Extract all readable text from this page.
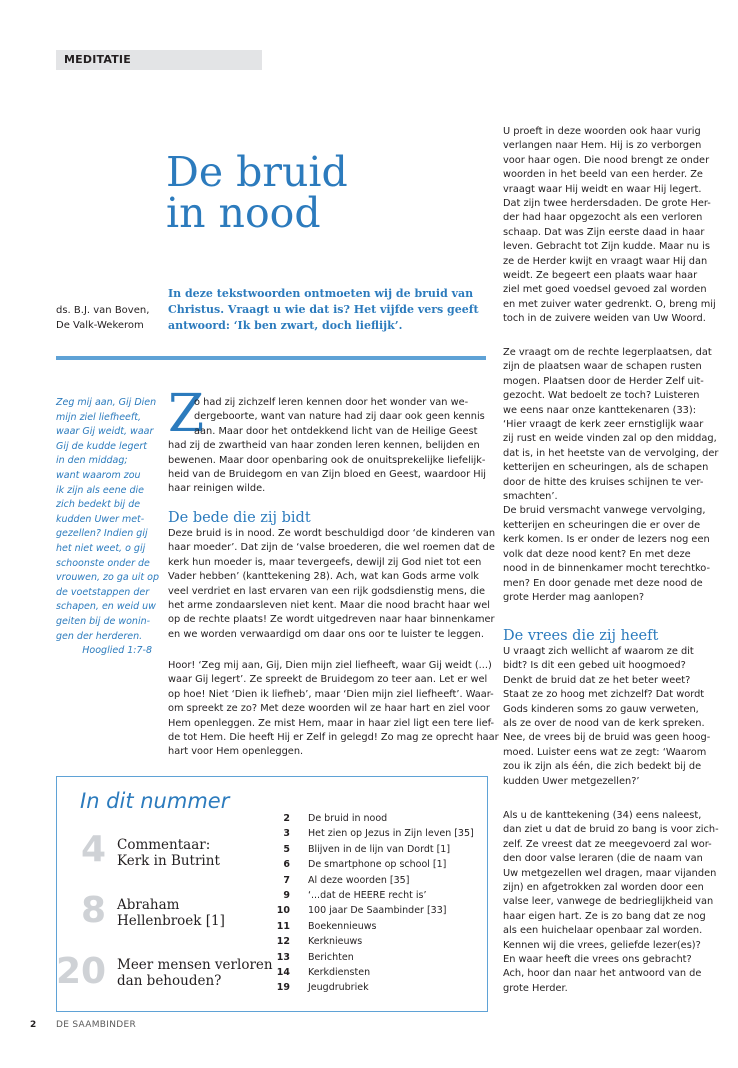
MEDITATIE
De bruid
in nood
ds. B.J. van Boven,
De Valk-Wekerom
In deze tekstwoorden ontmoeten wij de bruid van
Christus. Vraagt u wie dat is? Het vijfde vers geeft
antwoord: ‘Ik ben zwart, doch lieflijk’.
Zeg mij aan, Gij Dien
mijn ziel liefheeft,
waar Gij weidt, waar
Gij de kudde legert
in den middag;
want waarom zou
ik zijn als eene die
zich bedekt bij de
kudden Uwer met-
gezellen? Indien gij
het niet weet, o gij
schoonste onder de
vrouwen, zo ga uit op
de voetstappen der
schapen, en weid uw
geiten bij de wonin-
gen der herderen.
Hooglied 1:7-8
Z
o had zij zichzelf leren kennen door het wonder van we-
dergeboorte, want van nature had zij daar ook geen kennis
aan. Maar door het ontdekkend licht van de Heilige Geest
had zij de zwartheid van haar zonden leren kennen, belijden en
bewenen. Maar door openbaring ook de onuitsprekelijke liefelijk-
heid van de Bruidegom en van Zijn bloed en Geest, waardoor Hij
haar reinigen wilde.
De bede die zij bidt
Deze bruid is in nood. Ze wordt beschuldigd door ‘de kinderen van
haar moeder’. Dat zijn de ‘valse broederen, die wel roemen dat de
kerk hun moeder is, maar tevergeefs, dewijl zij God niet tot een
Vader hebben’ (kanttekening 28). Ach, wat kan Gods arme volk
veel verdriet en last ervaren van een rijk godsdienstig mens, die
het arme zondaarsleven niet kent. Maar die nood bracht haar wel
op de rechte plaats! Ze wordt uitgedreven naar haar binnenkamer
en we worden verwaardigd om daar ons oor te luister te leggen.
Hoor! ‘Zeg mij aan, Gij, Dien mijn ziel liefheeft, waar Gij weidt (...)
waar Gij legert’. Ze spreekt de Bruidegom zo teer aan. Let er wel
op hoe! Niet ‘Dien ik liefheb’, maar ‘Dien mijn ziel liefheeft’. Waar-
om spreekt ze zo? Met deze woorden wil ze haar hart en ziel voor
Hem openleggen. Ze mist Hem, maar in haar ziel ligt een tere lief-
de tot Hem. Die heeft Hij er Zelf in gelegd! Zo mag ze oprecht haar
hart voor Hem openleggen.
U proeft in deze woorden ook haar vurig
verlangen naar Hem. Hij is zo verborgen
voor haar ogen. Die nood brengt ze onder
woorden in het beeld van een herder. Ze
vraagt waar Hij weidt en waar Hij legert.
Dat zijn twee herdersdaden. De grote Her-
der had haar opgezocht als een verloren
schaap. Dat was Zijn eerste daad in haar
leven. Gebracht tot Zijn kudde. Maar nu is
ze de Herder kwijt en vraagt waar Hij dan
weidt. Ze begeert een plaats waar haar
ziel met goed voedsel gevoed zal worden
en met zuiver water gedrenkt. O, breng mij
toch in de zuivere weiden van Uw Woord.
Ze vraagt om de rechte legerplaatsen, dat
zijn de plaatsen waar de schapen rusten
mogen. Plaatsen door de Herder Zelf uit-
gezocht. Wat bedoelt ze toch? Luisteren
we eens naar onze kanttekenaren (33):
‘Hier vraagt de kerk zeer ernstiglijk waar
zij rust en weide vinden zal op den middag,
dat is, in het heetste van de vervolging, der
ketterijen en scheuringen, als de schapen
door de hitte des kruises schijnen te ver-
smachten’.
De bruid versmacht vanwege vervolging,
ketterijen en scheuringen die er over de
kerk komen. Is er onder de lezers nog een
volk dat deze nood kent? En met deze
nood in de binnenkamer mocht terechtko-
men? En door genade met deze nood de
grote Herder mag aanlopen?
De vrees die zij heeft
U vraagt zich wellicht af waarom ze dit
bidt? Is dit een gebed uit hoogmoed?
Denkt de bruid dat ze het beter weet?
Staat ze zo hoog met zichzelf? Dat wordt
Gods kinderen soms zo gauw verweten,
als ze over de nood van de kerk spreken.
Nee, de vrees bij de bruid was geen hoog-
moed. Luister eens wat ze zegt: ‘Waarom
zou ik zijn als één, die zich bedekt bij de
kudden Uwer metgezellen?’
Als u de kanttekening (34) eens naleest,
dan ziet u dat de bruid zo bang is voor zich-
zelf. Ze vreest dat ze meegevoerd zal wor-
den door valse leraren (die de naam van
Uw metgezellen wel dragen, maar vijanden
zijn) en afgetrokken zal worden door een
valse leer, vanwege de bedrieglijkheid van
haar eigen hart. Ze is zo bang dat ze nog
als een huichelaar openbaar zal worden.
Kennen wij die vrees, geliefde lezer(es)?
En waar heeft die vrees ons gebracht?
Ach, hoor dan naar het antwoord van de
grote Herder.
In dit nummer
4 Commentaar:
Kerk in Butrint
8 Abraham
Hellenbroek [1]
20 Meer mensen verloren
dan behouden?
2 De bruid in nood
3 Het zien op Jezus in Zijn leven [35]
5 Blijven in de lijn van Dordt [1]
6 De smartphone op school [1]
7 Al deze woorden [35]
9 ‘...dat de HEERE recht is’
10 100 jaar De Saambinder [33]
11 Boekennieuws
12 Kerknieuws
13 Berichten
14 Kerkdiensten
19 Jeugdrubriek
2 DE SAAMBINDER
